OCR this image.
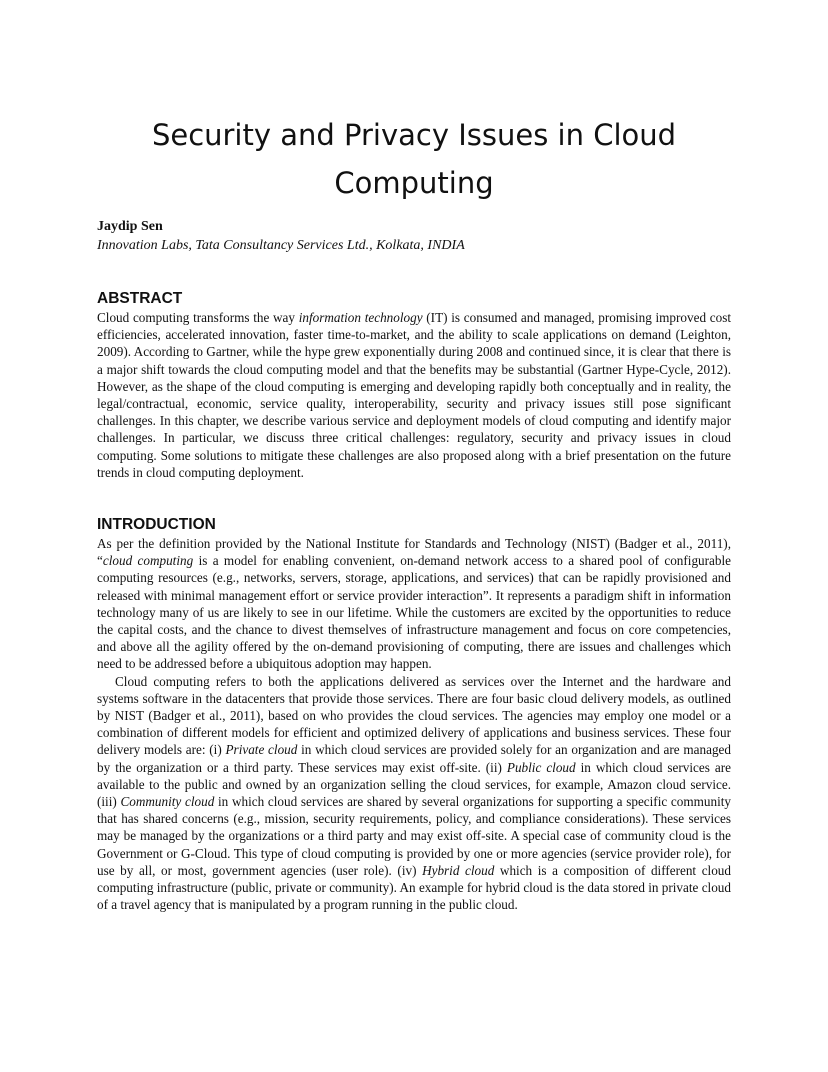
Security and Privacy Issues in Cloud Computing
Jaydip Sen
Innovation Labs, Tata Consultancy Services Ltd., Kolkata, INDIA
ABSTRACT

Cloud computing transforms the way information technology (IT) is consumed and managed, promising improved cost efficiencies, accelerated innovation, faster time-to-market, and the ability to scale applications on demand (Leighton, 2009). According to Gartner, while the hype grew exponentially during 2008 and continued since, it is clear that there is a major shift towards the cloud computing model and that the benefits may be substantial (Gartner Hype-Cycle, 2012). However, as the shape of the cloud computing is emerging and developing rapidly both conceptually and in reality, the legal/contractual, economic, service quality, interoperability, security and privacy issues still pose significant challenges. In this chapter, we describe various service and deployment models of cloud computing and identify major challenges. In particular, we discuss three critical challenges: regulatory, security and privacy issues in cloud computing. Some solutions to mitigate these challenges are also proposed along with a brief presentation on the future trends in cloud computing deployment.

INTRODUCTION

As per the definition provided by the National Institute for Standards and Technology (NIST) (Badger et al., 2011), “cloud computing is a model for enabling convenient, on-demand network access to a shared pool of configurable computing resources (e.g., networks, servers, storage, applications, and services) that can be rapidly provisioned and released with minimal management effort or service provider interaction”. It represents a paradigm shift in information technology many of us are likely to see in our lifetime. While the customers are excited by the opportunities to reduce the capital costs, and the chance to divest themselves of infrastructure management and focus on core competencies, and above all the agility offered by the on-demand provisioning of computing, there are issues and challenges which need to be addressed before a ubiquitous adoption may happen.

Cloud computing refers to both the applications delivered as services over the Internet and the hardware and systems software in the datacenters that provide those services. There are four basic cloud delivery models, as outlined by NIST (Badger et al., 2011), based on who provides the cloud services. The agencies may employ one model or a combination of different models for efficient and optimized delivery of applications and business services. These four delivery models are: (i) Private cloud in which cloud services are provided solely for an organization and are managed by the organization or a third party. These services may exist off-site. (ii) Public cloud in which cloud services are available to the public and owned by an organization selling the cloud services, for example, Amazon cloud service. (iii) Community cloud in which cloud services are shared by several organizations for supporting a specific community that has shared concerns (e.g., mission, security requirements, policy, and compliance considerations). These services may be managed by the organizations or a third party and may exist off-site. A special case of community cloud is the Government or G-Cloud. This type of cloud computing is provided by one or more agencies (service provider role), for use by all, or most, government agencies (user role). (iv) Hybrid cloud which is a composition of different cloud computing infrastructure (public, private or community). An example for hybrid cloud is the data stored in private cloud of a travel agency that is manipulated by a program running in the public cloud.
